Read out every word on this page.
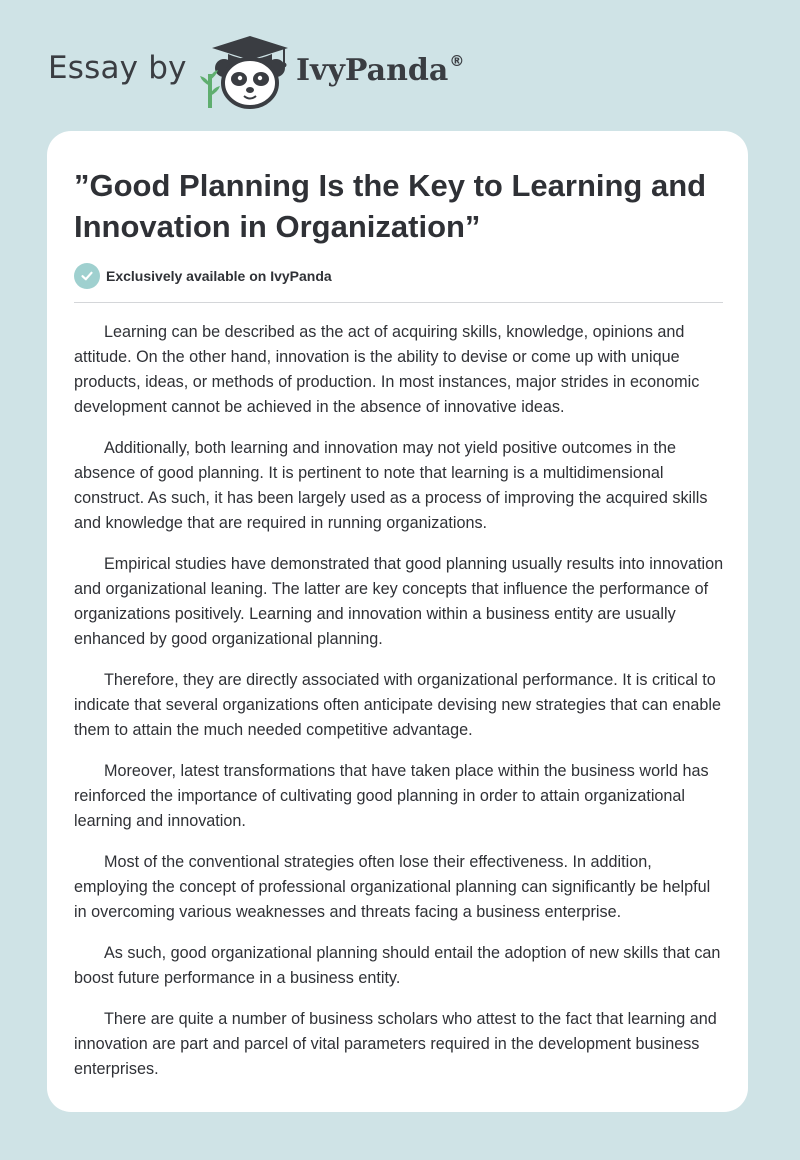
Essay by	IvyPanda®
”Good Planning Is the Key to Learning and Innovation in Organization”
Exclusively available on IvyPanda

Learning can be described as the act of acquiring skills, knowledge, opinions and attitude. On the other hand, innovation is the ability to devise or come up with unique products, ideas, or methods of production. In most instances, major strides in economic development cannot be achieved in the absence of innovative ideas.

Additionally, both learning and innovation may not yield positive outcomes in the absence of good planning. It is pertinent to note that learning is a multidimensional construct. As such, it has been largely used as a process of improving the acquired skills and knowledge that are required in running organizations.

Empirical studies have demonstrated that good planning usually results into innovation and organizational leaning. The latter are key concepts that influence the performance of organizations positively. Learning and innovation within a business entity are usually enhanced by good organizational planning.

Therefore, they are directly associated with organizational performance. It is critical to indicate that several organizations often anticipate devising new strategies that can enable them to attain the much needed competitive advantage.

Moreover, latest transformations that have taken place within the business world has reinforced the importance of cultivating good planning in order to attain organizational learning and innovation.

Most of the conventional strategies often lose their effectiveness. In addition, employing the concept of professional organizational planning can significantly be helpful in overcoming various weaknesses and threats facing a business enterprise.

As such, good organizational planning should entail the adoption of new skills that can boost future performance in a business entity.

There are quite a number of business scholars who attest to the fact that learning and innovation are part and parcel of vital parameters required in the development business enterprises.
